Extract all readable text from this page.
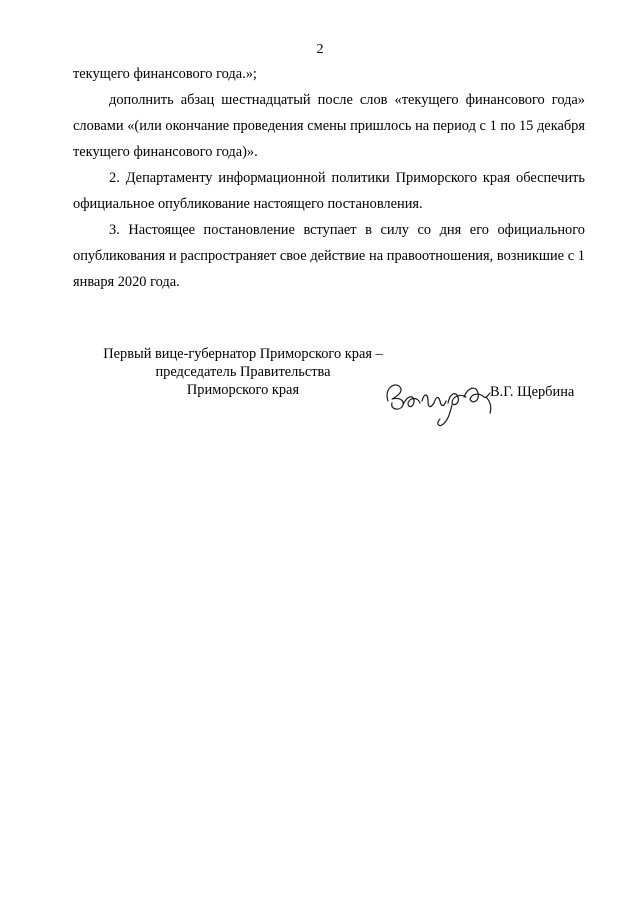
2

текущего финансового года.»;

дополнить абзац шестнадцатый после слов «текущего финансового года» словами «(или окончание проведения смены пришлось на период с 1 по 15 декабря текущего финансового года)».

2. Департаменту информационной политики Приморского края обеспечить официальное опубликование настоящего постановления.

3. Настоящее постановление вступает в силу со дня его официального опубликования и распространяет свое действие на правоотношения, возникшие с 1 января 2020 года.

Первый вице-губернатор Приморского края –
председатель Правительства
Приморского края	В.Г. Щербина
